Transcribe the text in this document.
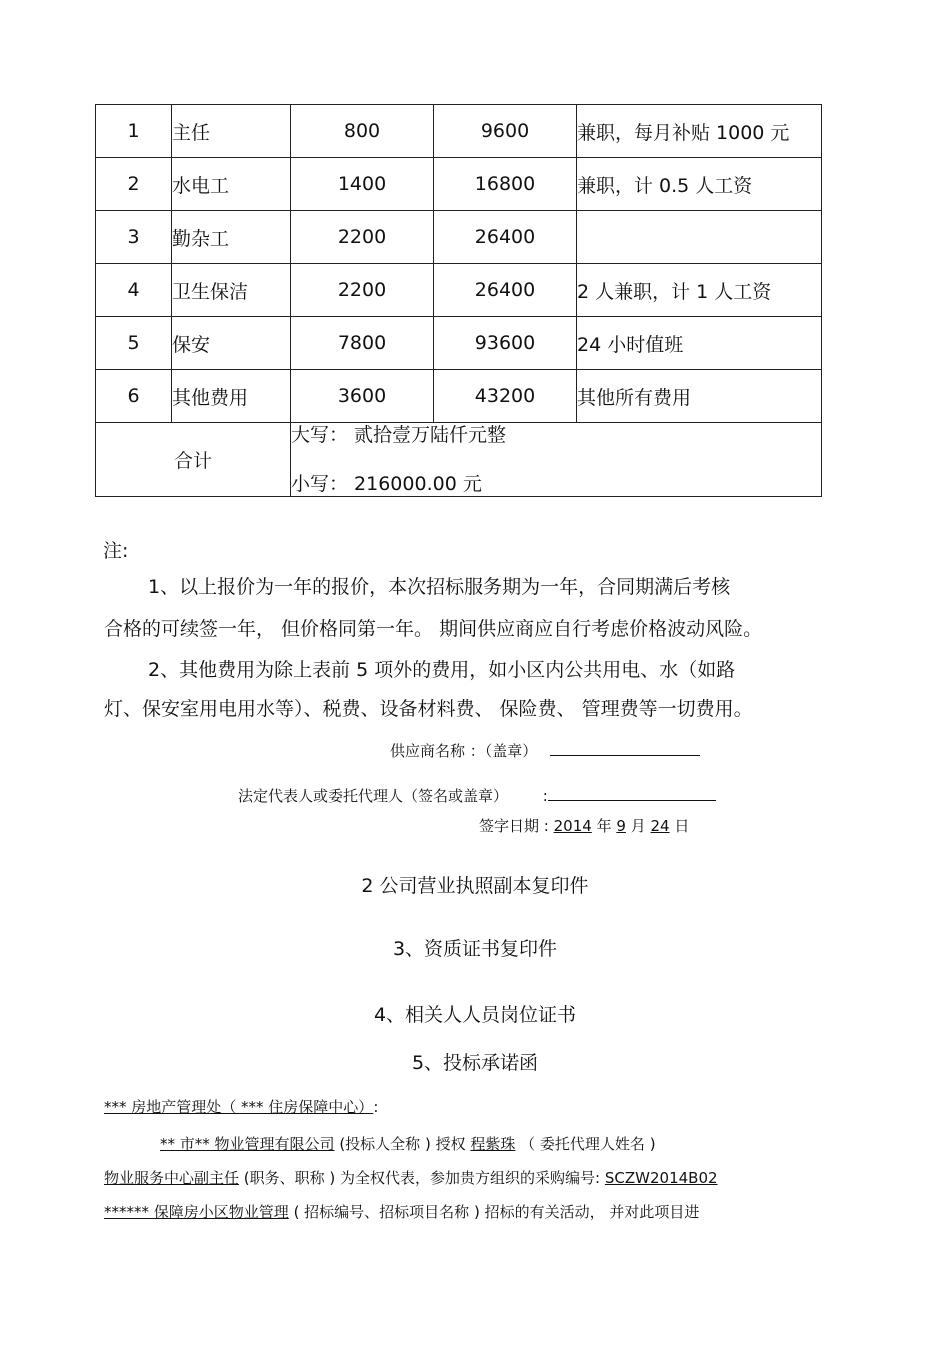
1	主任	800	9600	兼职，每月补贴 1000 元
2	水电工	1400	16800	兼职，计 0.5 人工资
3	勤杂工	2200	26400	
4	卫生保洁	2200	26400	2 人兼职，计 1 人工资
5	保安	7800	93600	24 小时值班
6	其他费用	3600	43200	其他所有费用
合计		大写： 贰拾壹万陆仟元整
小写： 216000.00 元		
注:
1、以上报价为一年的报价，本次招标服务期为一年，合同期满后考核
合格的可续签一年， 但价格同第一年。 期间供应商应自行考虑价格波动风险。
2、其他费用为除上表前 5 项外的费用，如小区内公共用电、水（如路
灯、保安室用电用水等）、税费、设备材料费、 保险费、 管理费等一切费用。
供应商名称 ：（盖章）
法定代表人或委托代理人（签名或盖章） :
签字日期 : 2014 年 9 月 24 日
2 公司营业执照副本复印件
3、资质证书复印件
4、相关人人员岗位证书
5、投标承诺函
*** 房地产管理处（ *** 住房保障中心）:
** 市** 物业管理有限公司 (投标人全称 ) 授权 程紫珠 （ 委托代理人姓名 )
物业服务中心副主任 (职务、职称 ) 为全权代表，参加贵方组织的采购编号: SCZW2014B02
****** 保障房小区物业管理 ( 招标编号、招标项目名称 ) 招标的有关活动， 并对此项目进
